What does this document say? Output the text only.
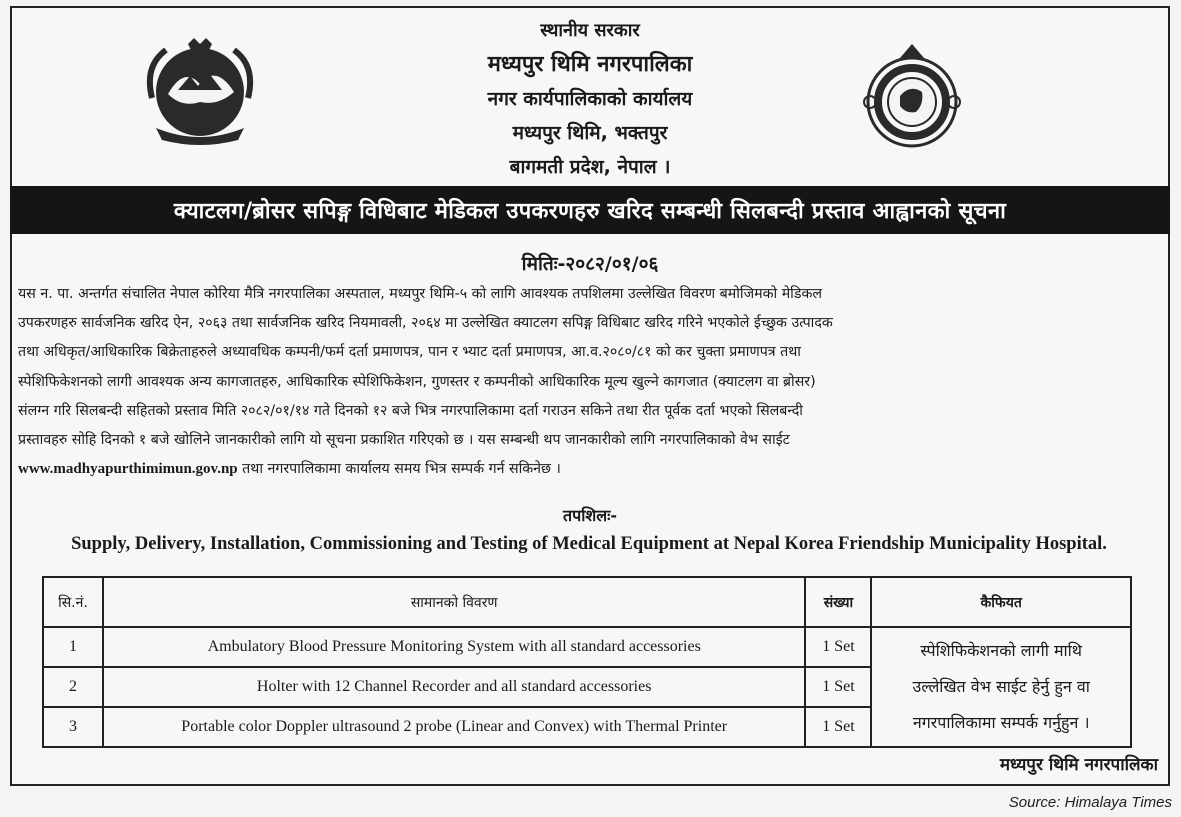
स्थानीय सरकार
मध्यपुर थिमि नगरपालिका
नगर कार्यपालिकाको कार्यालय
मध्यपुर थिमि, भक्तपुर
बागमती प्रदेश, नेपाल ।
क्याटलग/ब्रोसर सपिङ्ग विधिबाट मेडिकल उपकरणहरु खरिद सम्बन्धी सिलबन्दी प्रस्ताव आह्वानको सूचना
मितिः-२०८२/०१/०६
यस न. पा. अन्तर्गत संचालित नेपाल कोरिया मैत्रि नगरपालिका अस्पताल, मध्यपुर थिमि-५ को लागि आवश्यक तपशिलमा उल्लेखित विवरण बमोजिमको मेडिकल
उपकरणहरु सार्वजनिक खरिद ऐन, २०६३ तथा सार्वजनिक खरिद नियमावली, २०६४ मा उल्लेखित क्याटलग सपिङ्ग विधिबाट खरिद गरिने भएकोले ईच्छुक उत्पादक
तथा अधिकृत/आधिकारिक बिक्रेताहरुले अध्यावधिक कम्पनी/फर्म दर्ता प्रमाणपत्र, पान र भ्याट दर्ता प्रमाणपत्र, आ.व.२०८०/८१ को कर चुक्ता प्रमाणपत्र तथा
स्पेशिफिकेशनको लागी आवश्यक अन्य कागजातहरु, आधिकारिक स्पेशिफिकेशन, गुणस्तर र कम्पनीको आधिकारिक मूल्य खुल्ने कागजात (क्याटलग वा ब्रोसर)
संलग्न गरि सिलबन्दी सहितको प्रस्ताव मिति २०८२/०१/१४ गते दिनको १२ बजे भित्र नगरपालिकामा दर्ता गराउन सकिने तथा रीत पूर्वक दर्ता भएको सिलबन्दी
प्रस्तावहरु सोहि दिनको १ बजे खोलिने जानकारीको लागि यो सूचना प्रकाशित गरिएको छ । यस सम्बन्धी थप जानकारीको लागि नगरपालिकाको वेभ साईट
www.madhyapurthimimun.gov.np तथा नगरपालिकामा कार्यालय समय भित्र सम्पर्क गर्न सकिनेछ ।
तपशिलः-
Supply, Delivery, Installation, Commissioning and Testing of Medical Equipment at Nepal Korea Friendship Municipality Hospital.
सि.नं.	सामानको विवरण	संख्या	कैफियत
1	Ambulatory Blood Pressure Monitoring System with all standard accessories	1 Set	स्पेशिफिकेशनको लागी माथि
उल्लेखित वेभ साईट हेर्नु हुन वा
नगरपालिकामा सम्पर्क गर्नुहुन ।

2	Holter with 12 Channel Recorder and all standard accessories	1 Set	
3	Portable color Doppler ultrasound 2 probe (Linear and Convex) with Thermal Printer	1 Set	
मध्यपुर थिमि नगरपालिका
Source: Himalaya Times
